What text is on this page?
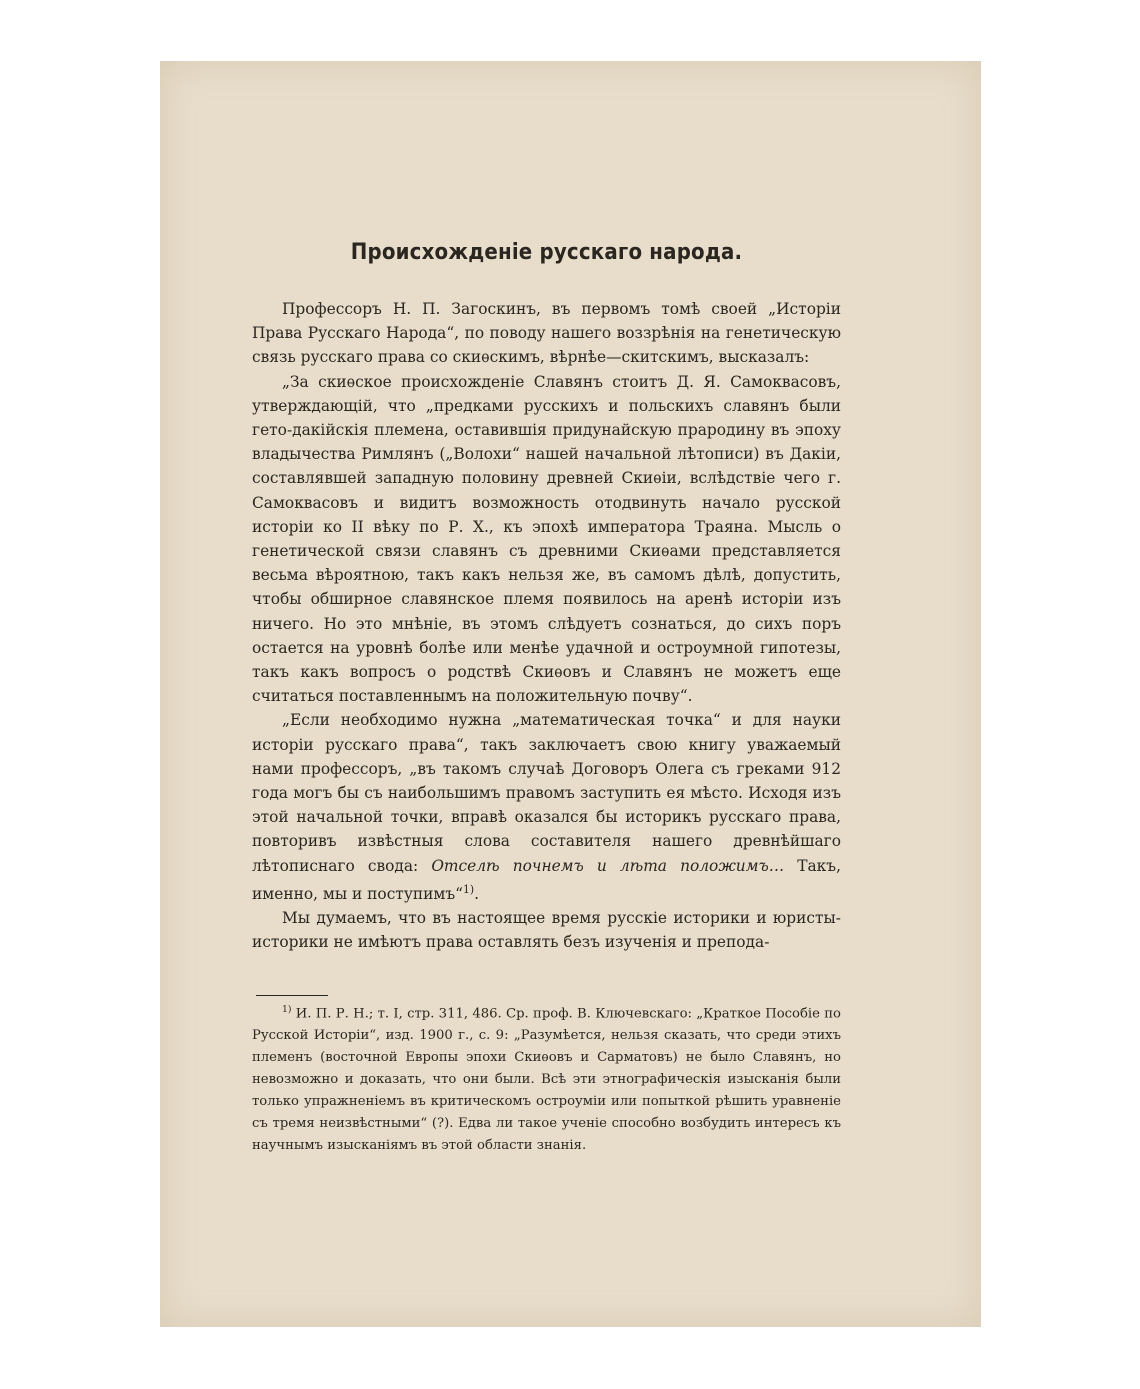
Происхожденіе русскаго народа.

Профессоръ Н. П. Загоскинъ, въ первомъ томѣ своей „Исторіи Права Русскаго Народа“, по поводу нашего воззрѣнія на генетическую связь русскаго права со скиѳскимъ, вѣрнѣе—скитскимъ, высказалъ:

„За скиѳское происхожденіе Славянъ стоитъ Д. Я. Самоквасовъ, утверждающій, что „предками русскихъ и польскихъ славянъ были гето-дакійскія племена, оставившія придунайскую прародину въ эпоху владычества Римлянъ („Волохи“ нашей начальной лѣтописи) въ Дакіи, составлявшей западную половину древней Скиѳіи, вслѣдствіе чего г. Самоквасовъ и видитъ возможность отодвинуть начало русской исторіи ко II вѣку по Р. Х., къ эпохѣ императора Траяна. Мысль о генетической связи славянъ съ древними Скиѳами представляется весьма вѣроятною, такъ какъ нельзя же, въ самомъ дѣлѣ, допустить, чтобы обширное славянское племя появилось на аренѣ исторіи изъ ничего. Но это мнѣніе, въ этомъ слѣдуетъ сознаться, до сихъ поръ остается на уровнѣ болѣе или менѣе удачной и остроумной гипотезы, такъ какъ вопросъ о родствѣ Скиѳовъ и Славянъ не можетъ еще считаться поставленнымъ на положительную почву“.

„Если необходимо нужна „математическая точка“ и для науки исторіи русскаго права“, такъ заключаетъ свою книгу уважаемый нами профессоръ, „въ такомъ случаѣ Договоръ Олега съ греками 912 года могъ бы съ наибольшимъ правомъ заступить ея мѣсто. Исходя изъ этой начальной точки, вправѣ оказался бы историкъ русскаго права, повторивъ извѣстныя слова составителя нашего древнѣйшаго лѣтописнаго свода: Отселѣ почнемъ и лѣта положимъ… Такъ, именно, мы и поступимъ“$^{1)}$.

Мы думаемъ, что въ настоящее время русскіе историки и юристы-историки не имѣютъ права оставлять безъ изученія и препода-

$^{1)}$ И. П. Р. Н.; т. I, стр. 311, 486. Ср. проф. В. Ключевскаго: „Краткое Пособіе по Русской Исторіи“, изд. 1900 г., с. 9: „Разумѣется, нельзя сказать, что среди этихъ племенъ (восточной Европы эпохи Скиѳовъ и Сарматовъ) не было Славянъ, но невозможно и доказать, что они были. Всѣ эти этнографическія изысканія были только упражненіемъ въ критическомъ остроуміи или попыткой рѣшить уравненіе съ тремя неизвѣстными“ (?). Едва ли такое ученіе способно возбудить интересъ къ научнымъ изысканіямъ въ этой области знанія.
